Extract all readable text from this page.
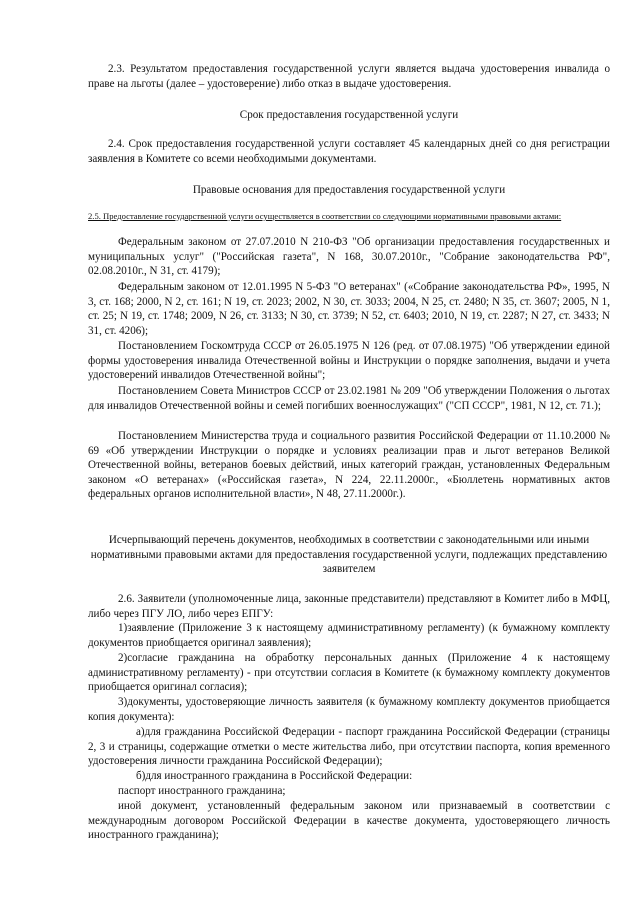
2.3. Результатом предоставления государственной услуги является выдача удостоверения инвалида о праве на льготы (далее – удостоверение) либо отказ в выдаче удостоверения.

Срок предоставления государственной услуги

2.4. Срок предоставления государственной услуги составляет 45 календарных дней со дня регистрации заявления в Комитете со всеми необходимыми документами.

Правовые основания для предоставления государственной услуги

2.5. Предоставление государственной услуги осуществляется в соответствии со следующими нормативными правовыми актами:

Федеральным законом от 27.07.2010 N 210-ФЗ "Об организации предоставления государственных и муниципальных услуг" ("Российская газета", N 168, 30.07.2010г., "Собрание законодательства РФ", 02.08.2010г., N 31, ст. 4179);

Федеральным законом от 12.01.1995 N 5-ФЗ "О ветеранах" («Собрание законодательства РФ», 1995, N 3, ст. 168; 2000, N 2, ст. 161; N 19, ст. 2023; 2002, N 30, ст. 3033; 2004, N 25, ст. 2480; N 35, ст. 3607; 2005, N 1, ст. 25; N 19, ст. 1748; 2009, N 26, ст. 3133; N 30, ст. 3739; N 52, ст. 6403; 2010, N 19, ст. 2287; N 27, ст. 3433; N 31, ст. 4206);

Постановлением Госкомтруда СССР от 26.05.1975 N 126 (ред. от 07.08.1975) "Об утверждении единой формы удостоверения инвалида Отечественной войны и Инструкции о порядке заполнения, выдачи и учета удостоверений инвалидов Отечественной войны";

Постановлением Совета Министров СССР от 23.02.1981 № 209 "Об утверждении Положения о льготах для инвалидов Отечественной войны и семей погибших военнослужащих" ("СП СССР", 1981, N 12, ст. 71.);

Постановлением Министерства труда и социального развития Российской Федерации от 11.10.2000 № 69 «Об утверждении Инструкции о порядке и условиях реализации прав и льгот ветеранов Великой Отечественной войны, ветеранов боевых действий, иных категорий граждан, установленных Федеральным законом «О ветеранах» («Российская газета», N 224, 22.11.2000г., «Бюллетень нормативных актов федеральных органов исполнительной власти», N 48, 27.11.2000г.).

Исчерпывающий перечень документов, необходимых в соответствии с законодательными или иными нормативными правовыми актами для предоставления государственной услуги, подлежащих представлению заявителем

2.6. Заявители (уполномоченные лица, законные представители) представляют в Комитет либо в МФЦ, либо через ПГУ ЛО, либо через ЕПГУ:

1)заявление (Приложение 3 к настоящему административному регламенту) (к бумажному комплекту документов приобщается оригинал заявления);

2)согласие гражданина на обработку персональных данных (Приложение 4 к настоящему административному регламенту) - при отсутствии согласия в Комитете (к бумажному комплекту документов приобщается оригинал согласия);

3)документы, удостоверяющие личность заявителя (к бумажному комплекту документов приобщается копия документа):

а)для гражданина Российской Федерации - паспорт гражданина Российской Федерации (страницы 2, 3 и страницы, содержащие отметки о месте жительства либо, при отсутствии паспорта, копия временного удостоверения личности гражданина Российской Федерации);

б)для иностранного гражданина в Российской Федерации:

паспорт иностранного гражданина;

иной документ, установленный федеральным законом или признаваемый в соответствии с международным договором Российской Федерации в качестве документа, удостоверяющего личность иностранного гражданина);
